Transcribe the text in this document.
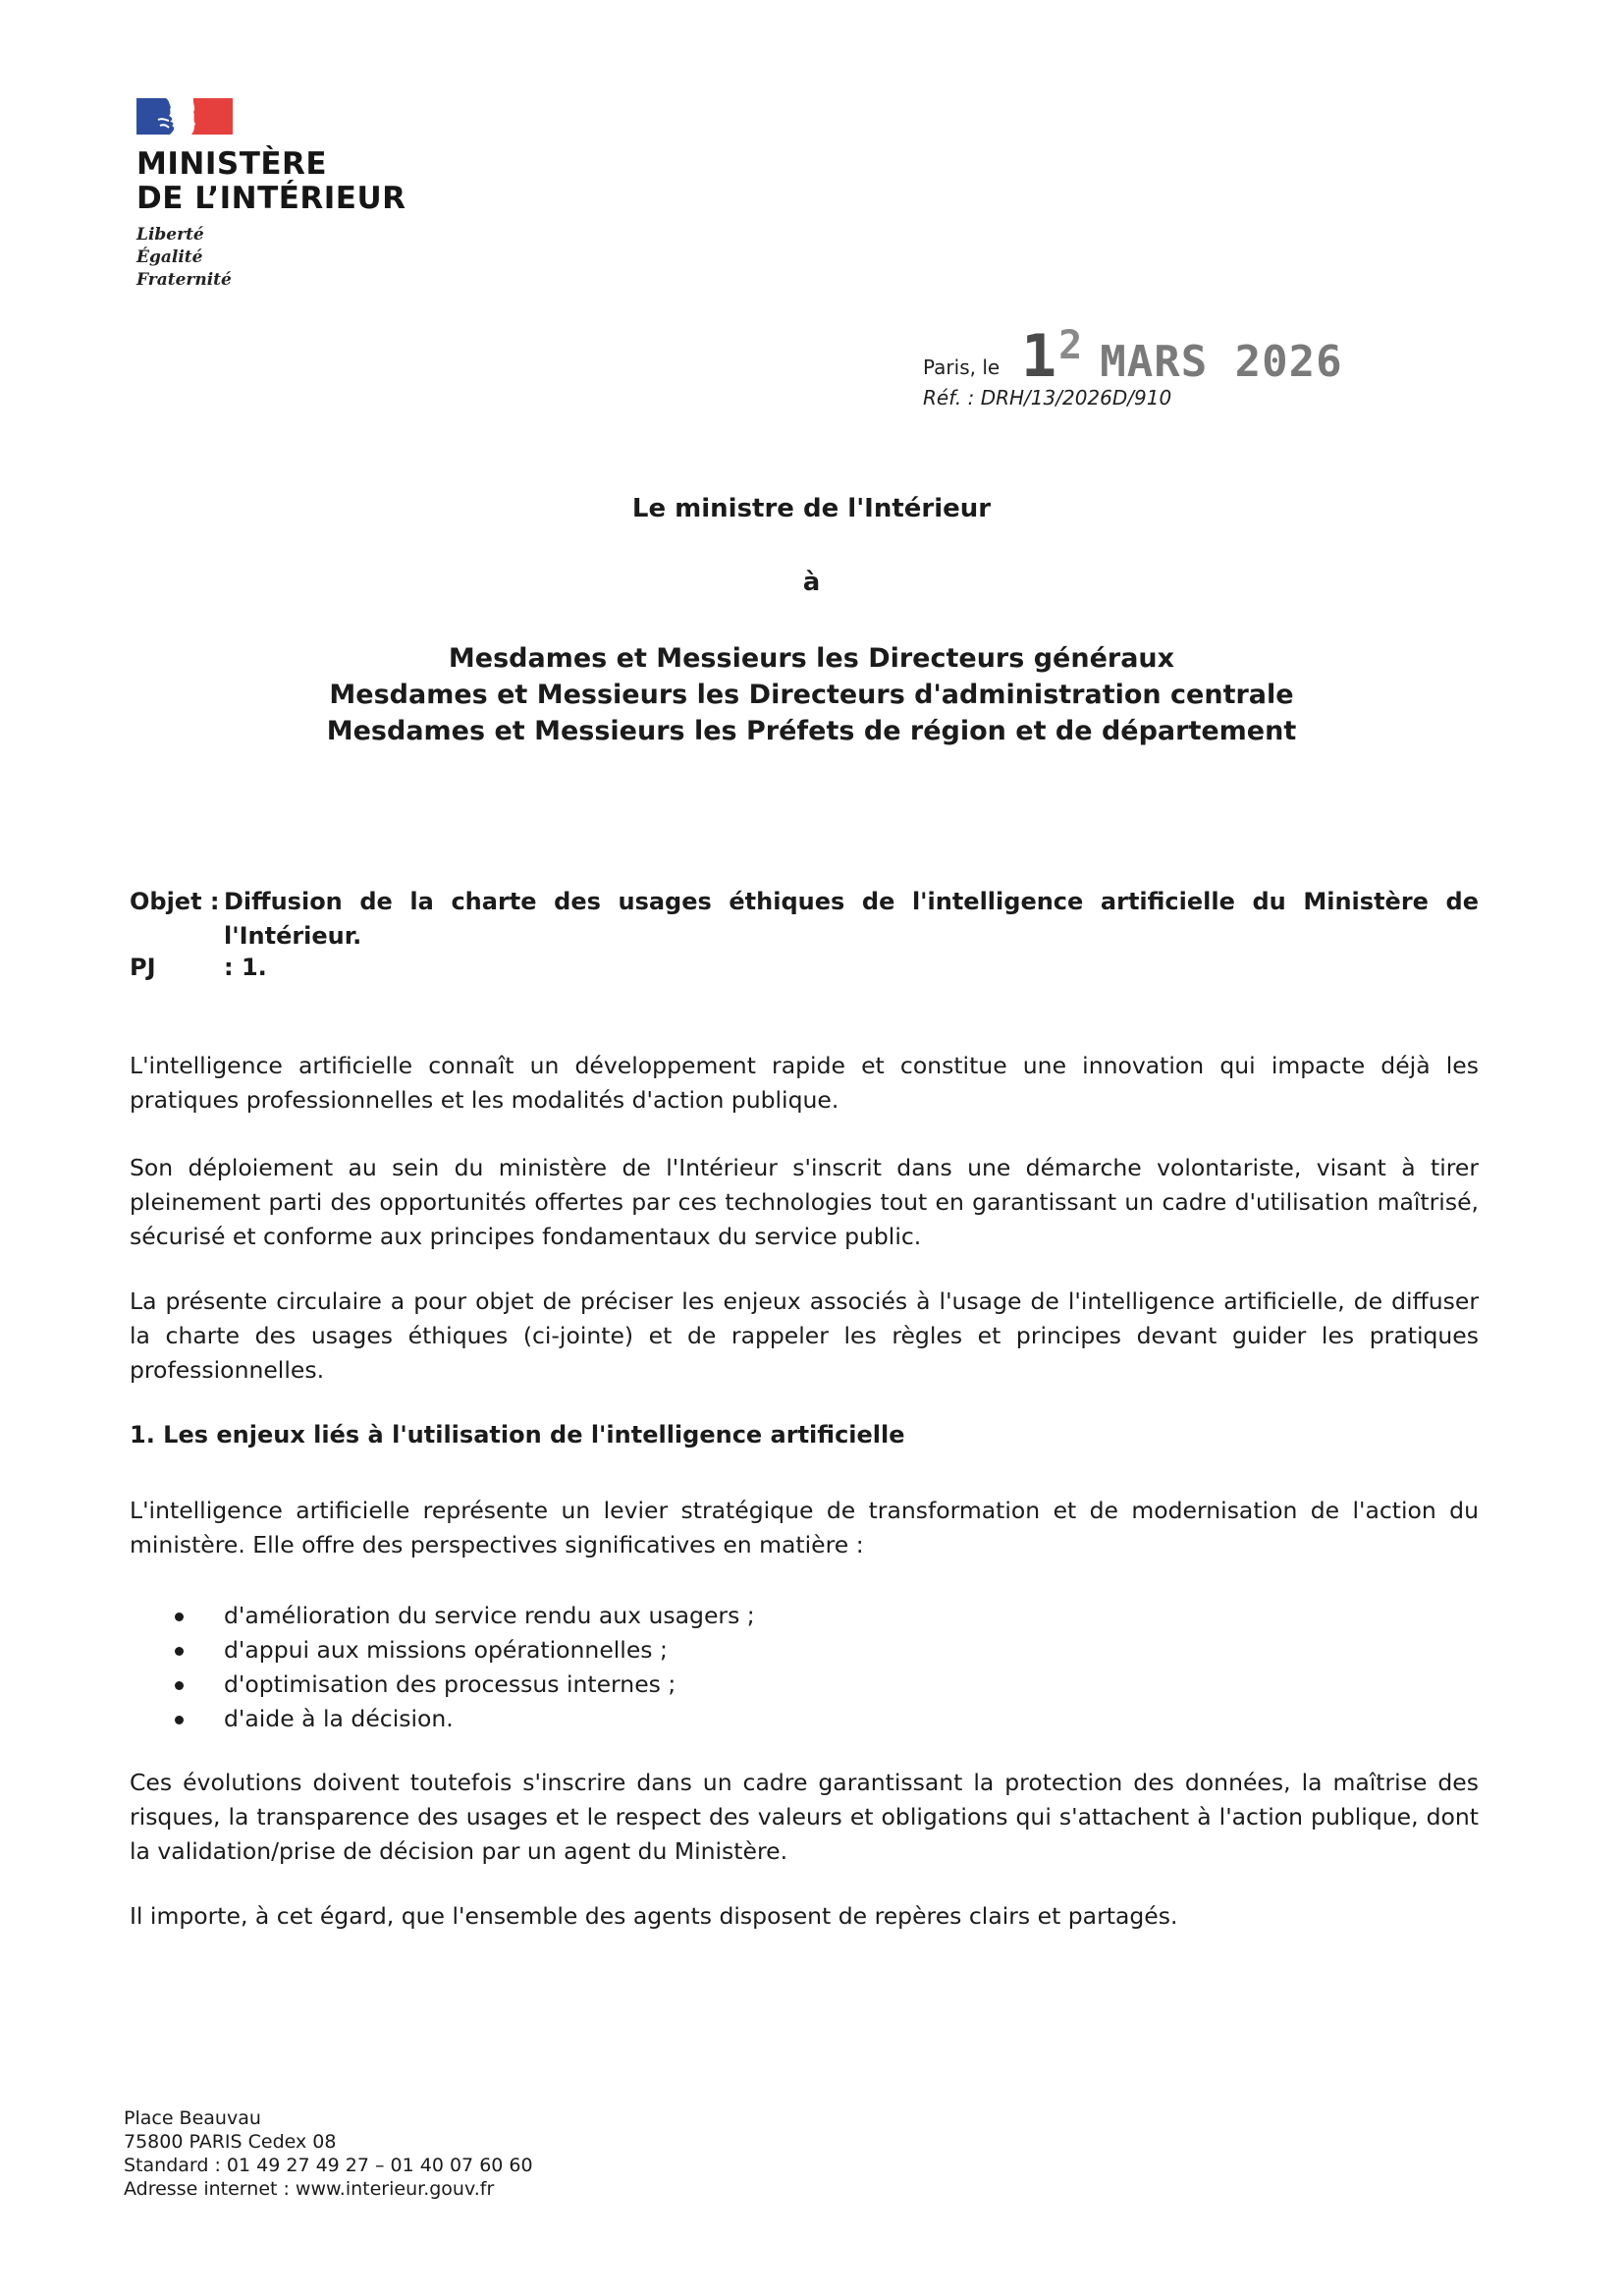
MINISTÈRE
DE L’INTÉRIEUR
Liberté
Égalité
Fraternité
Paris, le 12 MARS 2026
Réf. : DRH/13/2026D/910
Le ministre de l'Intérieur
à
Mesdames et Messieurs les Directeurs généraux
Mesdames et Messieurs les Directeurs d'administration centrale
Mesdames et Messieurs les Préfets de région et de département
Objet : Diffusion de la charte des usages éthiques de l'intelligence artificielle du Ministère de l'Intérieur.
PJ	: 1.

L'intelligence artificielle connaît un développement rapide et constitue une innovation qui impacte déjà les pratiques professionnelles et les modalités d'action publique.

Son déploiement au sein du ministère de l'Intérieur s'inscrit dans une démarche volontariste, visant à tirer pleinement parti des opportunités offertes par ces technologies tout en garantissant un cadre d'utilisation maîtrisé, sécurisé et conforme aux principes fondamentaux du service public.

La présente circulaire a pour objet de préciser les enjeux associés à l'usage de l'intelligence artificielle, de diffuser la charte des usages éthiques (ci-jointe) et de rappeler les règles et principes devant guider les pratiques professionnelles.

1. Les enjeux liés à l'utilisation de l'intelligence artificielle

L'intelligence artificielle représente un levier stratégique de transformation et de modernisation de l'action du ministère. Elle offre des perspectives significatives en matière :

d'amélioration du service rendu aux usagers ;
d'appui aux missions opérationnelles ;
d'optimisation des processus internes ;
d'aide à la décision.

Ces évolutions doivent toutefois s'inscrire dans un cadre garantissant la protection des données, la maîtrise des risques, la transparence des usages et le respect des valeurs et obligations qui s'attachent à l'action publique, dont la validation/prise de décision par un agent du Ministère.

Il importe, à cet égard, que l'ensemble des agents disposent de repères clairs et partagés.

Place Beauvau
75800 PARIS Cedex 08
Standard : 01 49 27 49 27 – 01 40 07 60 60
Adresse internet : www.interieur.gouv.fr
